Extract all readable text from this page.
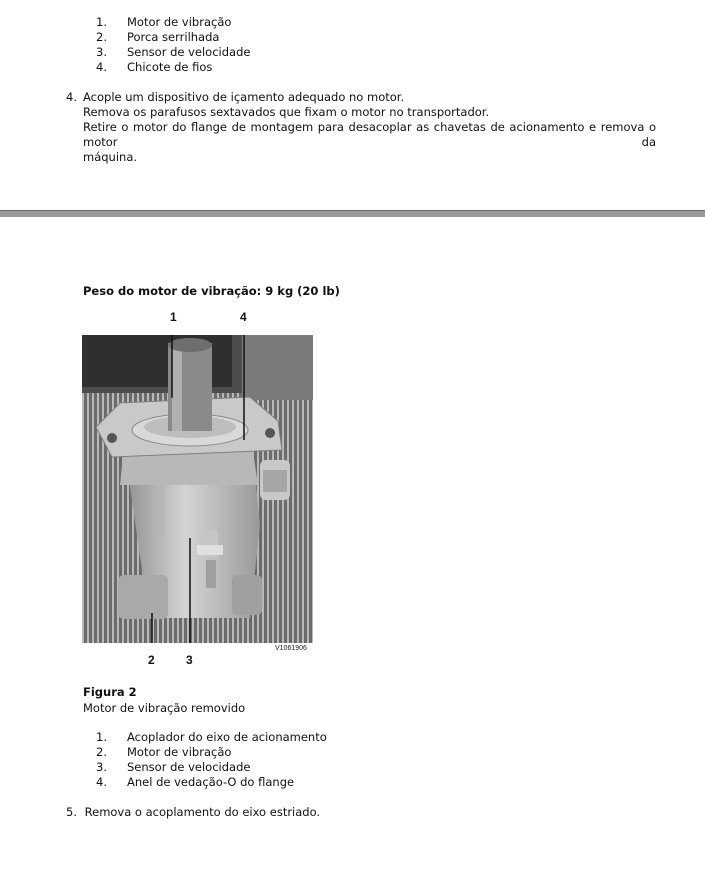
1. Motor de vibração
2. Porca serrilhada
3. Sensor de velocidade
4. Chicote de fios
4. Acople um dispositivo de içamento adequado no motor.
Remova os parafusos sextavados que fixam o motor no transportador.
Retire o motor do flange de montagem para desacoplar as chavetas de acionamento e remova o motor da
máquina.
Peso do motor de vibração: 9 kg (20 lb)
1	4
2	3
V1061906
Figura 2
Motor de vibração removido
1. Acoplador do eixo de acionamento
2. Motor de vibração
3. Sensor de velocidade
4. Anel de vedação-O do flange
5. Remova o acoplamento do eixo estriado.
